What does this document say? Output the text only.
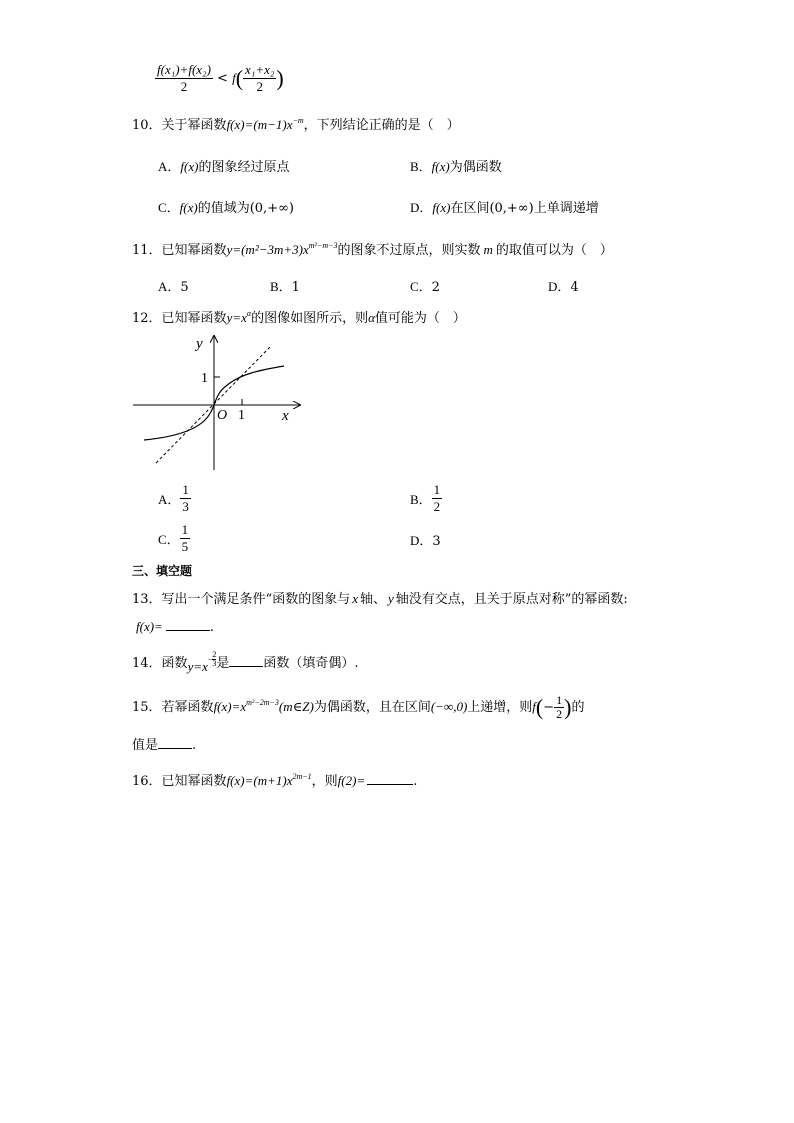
$\frac{\text{f(x₁)+f(x₂)}}{2} < f( \frac{\text{x₁+x₂}}{2}$ )
10．关于幂函数$f(x)=(m-1)x^{-m}$，下列结论正确的是（　）
A．f(x)的图象经过原点	B．f(x)为偶函数
C．f(x)的值域为(0,+∞)	D．f(x)在区间(0,+∞)上单调递增
11．已知幂函数$y=(m^2-3m+3)x^{m^2-m-3}$的图象不过原点，则实数 m 的取值可以为（　）
A．5	B．1	C．2	D．4
12．已知幂函数$y=x^\alpha$的图像如图所示，则α值可能为（　）
y
x
O 1
1
A． $\frac{1}{3}$	B． $\frac{1}{2}$
C． $\frac{1}{5}$	D．3
三、填空题
13．写出一个满足条件“函数的图象与 x 轴、 y 轴没有交点，且关于原点对称”的幂函数:
f(x)=	.
14．函数$y=x- \frac{2}{3}$ 是	函数（填奇偶）.
15．若幂函数$f(x)=x^{m^2-2m-3}(m\in Z)$为偶函数，且在区间(−∞,0)上递增，则$f(- \frac{1}{2}$ )的
值是	.
16．已知幂函数$f(x)=(m+1)x^{2m-1}$，则f(2)=	.
